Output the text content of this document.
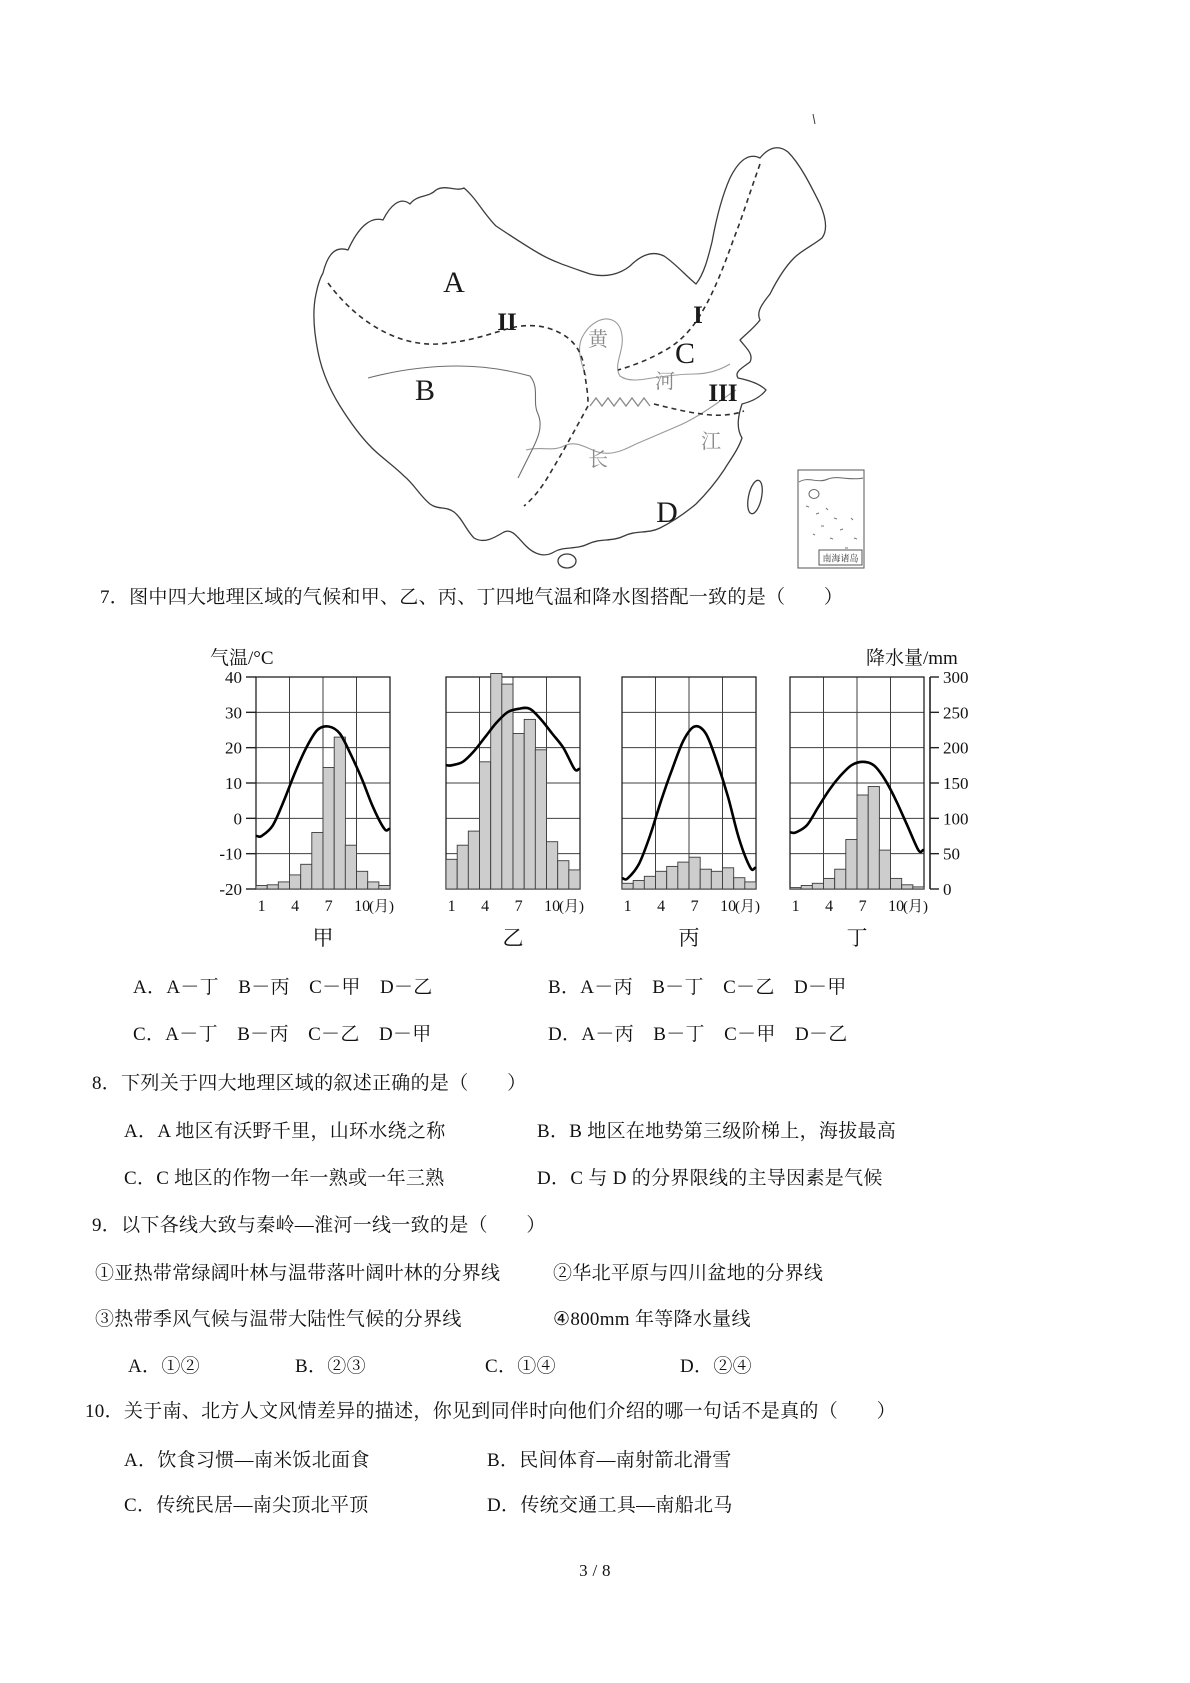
A
B
C
D
I
II
III
黄
河
长
江
南海诸岛
7．图中四大地理区域的气候和甲、乙、丙、丁四地气温和降水图搭配一致的是（　　）
气温/°C	降水量/mm
40
30
20
10
0
-10
-20
300
250
200
150
100
50
0
1 4 7 10
(月)
甲
1 4 7 10
(月)
乙
1 4 7 10
(月)
丙
1 4 7 10
(月)
丁
A．A－丁　B－丙　C－甲　D－乙	B．A－丙　B－丁　C－乙　D－甲
C．A－丁　B－丙　C－乙　D－甲	D．A－丙　B－丁　C－甲　D－乙
8．下列关于四大地理区域的叙述正确的是（　　）
A．A 地区有沃野千里，山环水绕之称	B．B 地区在地势第三级阶梯上，海拔最高
C．C 地区的作物一年一熟或一年三熟	D．C 与 D 的分界限线的主导因素是气候
9．以下各线大致与秦岭—淮河一线一致的是（　　）
①亚热带常绿阔叶林与温带落叶阔叶林的分界线	②华北平原与四川盆地的分界线
③热带季风气候与温带大陆性气候的分界线	④800mm 年等降水量线
A．①②	B．②③	C．①④	D．②④
10．关于南、北方人文风情差异的描述，你见到同伴时向他们介绍的哪一句话不是真的（　　）
A．饮食习惯—南米饭北面食	B．民间体育—南射箭北滑雪
C．传统民居—南尖顶北平顶	D．传统交通工具—南船北马
3 / 8
